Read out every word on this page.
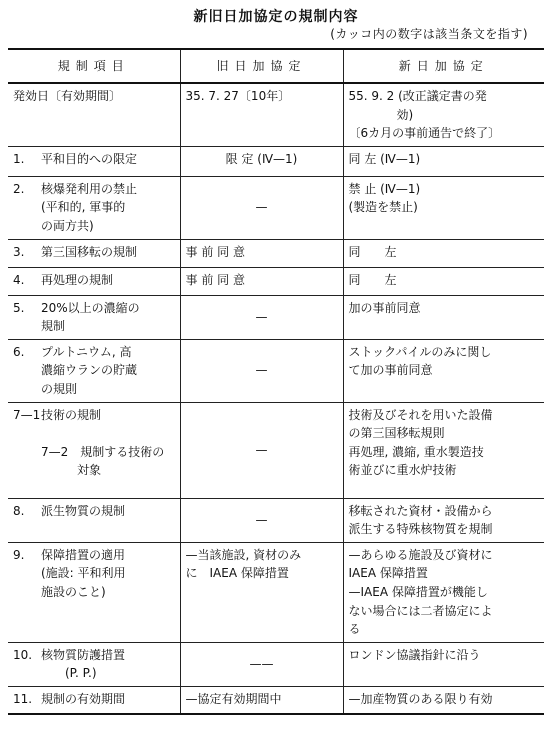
新旧日加協定の規制内容
(カッコ内の数字は該当条文を指す)
規制項目	旧日加協定	新日加協定

発効日〔有効期間〕	35. 7. 27〔10年〕	55. 9. 2 (改正議定書の発
　　　　効)
〔6カ月の事前通告で終了〕

1. 平和目的への限定	限 定 (Ⅳ—1)	同 左 (Ⅳ—1)

2. 核爆発利用の禁止
(平和的, 軍事的
の両方共)	—	禁 止 (Ⅳ—1)
(製造を禁止)

3. 第三国移転の規制	事 前 同 意	同　　左

4. 再処理の規制	事 前 同 意	同　　左

5. 20%以上の濃縮の
規制	—	加の事前同意

6. プルトニウム, 高
濃縮ウランの貯蔵
の規則	—	ストックパイルのみに関し
て加の事前同意

7—1 技術の規制

7—2　規制する技術の
　　　対象	—	技術及びそれを用いた設備
の第三国移転規則
再処理, 濃縮, 重水製造技
術並びに重水炉技術

8. 派生物質の規制	—	移転された資材・設備から
派生する特殊核物質を規制

9. 保障措置の適用
(施設: 平和利用
施設のこと)	—当該施設, 資材のみ
に　IAEA 保障措置	—あらゆる施設及び資材に
IAEA 保障措置
—IAEA 保障措置が機能し
ない場合には二者協定によ
る

10. 核物質防護措置
　　(P. P.)	——	ロンドン協議指針に沿う

11. 規制の有効期間	—協定有効期間中	—加産物質のある限り有効
